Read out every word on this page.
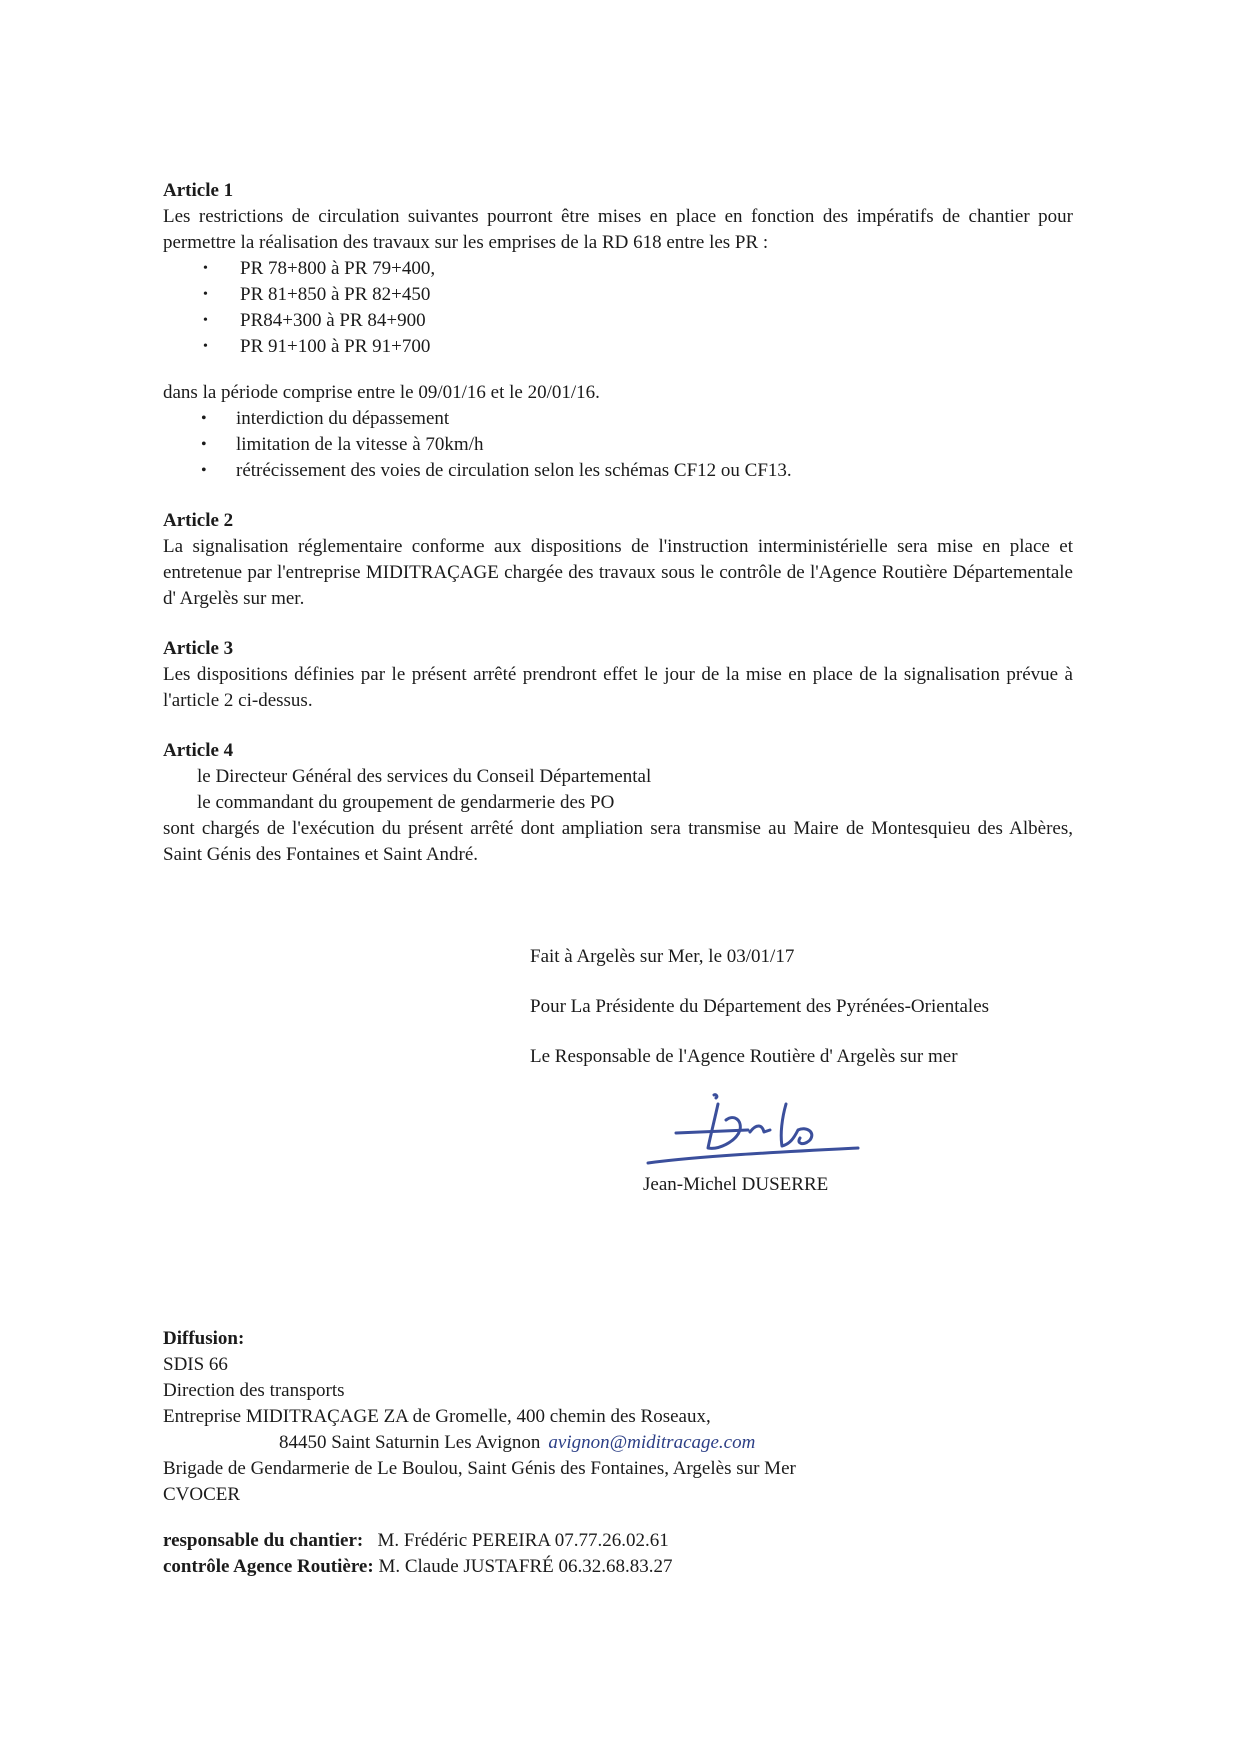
Article 1

Les restrictions de circulation suivantes pourront être mises en place en fonction des impératifs de chantier pour permettre la réalisation des travaux sur les emprises de la RD 618 entre les PR :

• PR 78+800 à PR 79+400,
• PR 81+850 à PR 82+450
• PR84+300 à PR 84+900
• PR 91+100 à PR 91+700

dans la période comprise entre le 09/01/16 et le 20/01/16.

• interdiction du dépassement
• limitation de la vitesse à 70km/h
• rétrécissement des voies de circulation selon les schémas CF12 ou CF13.

Article 2

La signalisation réglementaire conforme aux dispositions de l'instruction interministérielle sera mise en place et entretenue par l'entreprise MIDITRAÇAGE chargée des travaux sous le contrôle de l'Agence Routière Départementale d' Argelès sur mer.

Article 3

Les dispositions définies par le présent arrêté prendront effet le jour de la mise en place de la signalisation prévue à l'article 2 ci-dessus.

Article 4

le Directeur Général des services du Conseil Départemental

le commandant du groupement de gendarmerie des PO

sont chargés de l'exécution du présent arrêté dont ampliation sera transmise au Maire de Montesquieu des Albères, Saint Génis des Fontaines et Saint André.

Fait à Argelès sur Mer, le 03/01/17

Pour La Présidente du Département des Pyrénées-Orientales

Le Responsable de l'Agence Routière d' Argelès sur mer

Jean-Michel DUSERRE

Diffusion:

SDIS 66

Direction des transports

Entreprise MIDITRAÇAGE ZA de Gromelle, 400 chemin des Roseaux,

84450 Saint Saturnin Les Avignon avignon@miditracage.com

Brigade de Gendarmerie de Le Boulou, Saint Génis des Fontaines, Argelès sur Mer

CVOCER

responsable du chantier: M. Frédéric PEREIRA 07.77.26.02.61

contrôle Agence Routière: M. Claude JUSTAFRÉ 06.32.68.83.27
